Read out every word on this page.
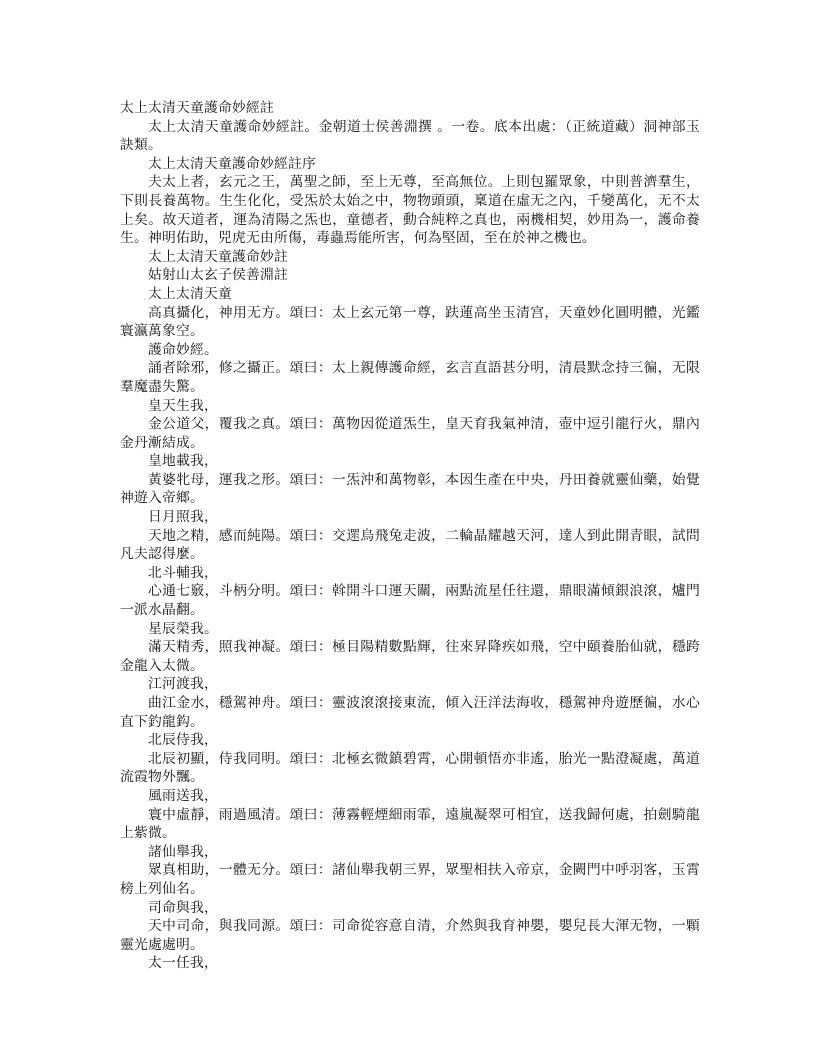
太上太清天童護命妙經註

太上太清天童護命妙經註。金朝道士侯善淵撰 。一卷。底本出處：（正統道藏）洞神部玉訣類。

太上太清天童護命妙經註序

夫太上者，玄元之王，萬聖之師，至上无尊，至高無位。上則包羅眾象，中則普濟羣生，下則長養萬物。生生化化，受炁於太始之中，物物頭頭，稟道在虛无之內，千變萬化，无不太上矣。故天道者，運為清陽之炁也，童德者，動合純粹之真也，兩機相契，妙用為一，護命養生。神明佑助，兕虎无由所傷，毒蟲焉能所害，何為堅固，至在於神之機也。

太上太清天童護命妙註

姑射山太玄子侯善淵註

太上太清天童

高真攝化，神用无方。頌曰：太上玄元第一尊，趺蓮高坐玉清宫，天童妙化圓明體，光鑑寰瀛萬象空。

護命妙經。

誦者除邪，修之攝正。頌曰：太上親傳護命經，玄言直語甚分明，清晨默念持三徧，无限羣魔盡失驚。

皇天生我，

金公道父，覆我之真。頌曰：萬物因從道炁生，皇天育我氣神清，壺中逗引龍行火，鼎內金丹漸結成。

皇地載我，

黃婆牝母，運我之形。頌曰：一炁沖和萬物彰，本因生產在中央，丹田養就靈仙藥，始覺神遊入帝鄉。

日月照我，

天地之精，感而純陽。頌曰：交遝烏飛兔走波，二輪晶耀越天河，達人到此開青眼，試問凡夫認得麼。

北斗輔我，

心通七竅，斗柄分明。頌曰：斡開斗口運天關，兩點流星任往還，鼎眼滿傾銀浪滾，爐門一派水晶翻。

星辰榮我。

滿天精秀，照我神凝。頌曰：極目陽精數點輝，往來昇降疾如飛，空中頤養胎仙就，穩跨金龍入太微。

江河渡我，

曲江金水，穩駕神舟。頌曰：靈波滾滾接東流，傾入汪洋法海收，穩駕神舟遊歷徧，水心直下釣龍鈎。

北辰侍我，

北辰初顯，侍我同明。頌曰：北極玄微鎮碧霄，心開頓悟亦非遙，胎光一點澄凝處，萬道流霞物外飄。

風雨送我，

寰中虛靜，雨過風清。頌曰：薄霧輕煙細雨霏，遠嵐凝翠可相宜，送我歸何處，拍劍騎龍上紫微。

諸仙舉我，

眾真相助，一體无分。頌曰：諸仙舉我朝三界，眾聖相扶入帝京，金闕門中呼羽客，玉霄榜上列仙名。

司命與我，

天中司命，與我同源。頌曰：司命從容意自清，介然與我育神嬰，嬰兒長大渾无物，一顆靈光處處明。

太一任我，
